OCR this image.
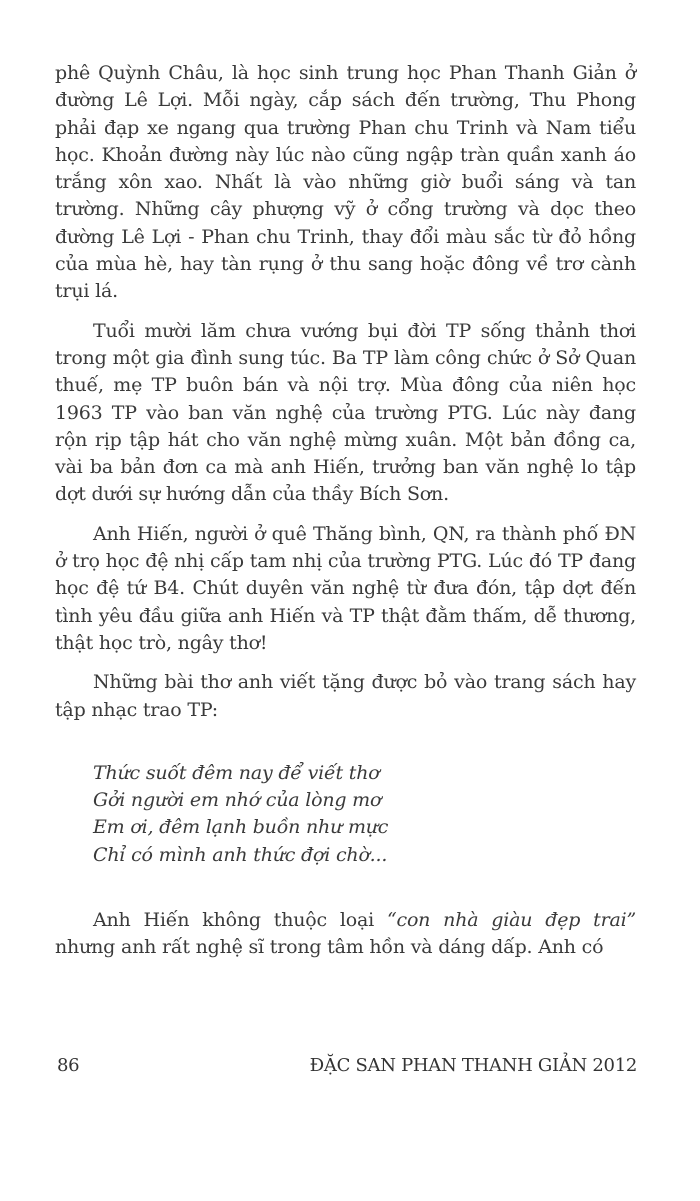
phê Quỳnh Châu, là học sinh trung học Phan Thanh Giản ở đường Lê Lợi. Mỗi ngày, cắp sách đến trường, Thu Phong phải đạp xe ngang qua trường Phan chu Trinh và Nam tiểu học. Khoản đường này lúc nào cũng ngập tràn quần xanh áo trắng xôn xao. Nhất là vào những giờ buổi sáng và tan trường. Những cây phượng vỹ ở cổng trường và dọc theo đường Lê Lợi - Phan chu Trinh, thay đổi màu sắc từ đỏ hồng của mùa hè, hay tàn rụng ở thu sang hoặc đông về trơ cành trụi lá.

Tuổi mười lăm chưa vướng bụi đời TP sống thảnh thơi trong một gia đình sung túc. Ba TP làm công chức ở Sở Quan thuế, mẹ TP buôn bán và nội trợ. Mùa đông của niên học 1963 TP vào ban văn nghệ của trường PTG. Lúc này đang rộn rịp tập hát cho văn nghệ mừng xuân. Một bản đồng ca, vài ba bản đơn ca mà anh Hiến, trưởng ban văn nghệ lo tập dợt dưới sự hướng dẫn của thầy Bích Sơn.

Anh Hiến, người ở quê Thăng bình, QN, ra thành phố ĐN ở trọ học đệ nhị cấp tam nhị của trường PTG. Lúc đó TP đang học đệ tứ B4. Chút duyên văn nghệ từ đưa đón, tập dợt đến tình yêu đầu giữa anh Hiến và TP thật đằm thấm, dễ thương, thật học trò, ngây thơ!

Những bài thơ anh viết tặng được bỏ vào trang sách hay tập nhạc trao TP:

Thức suốt đêm nay để viết thơ
Gởi người em nhớ của lòng mơ
Em ơi, đêm lạnh buồn như mực
Chỉ có mình anh thức đợi chờ...

Anh Hiến không thuộc loại “con nhà giàu đẹp trai” nhưng anh rất nghệ sĩ trong tâm hồn và dáng dấp. Anh có

86	ĐẶC SAN PHAN THANH GIẢN 2012
